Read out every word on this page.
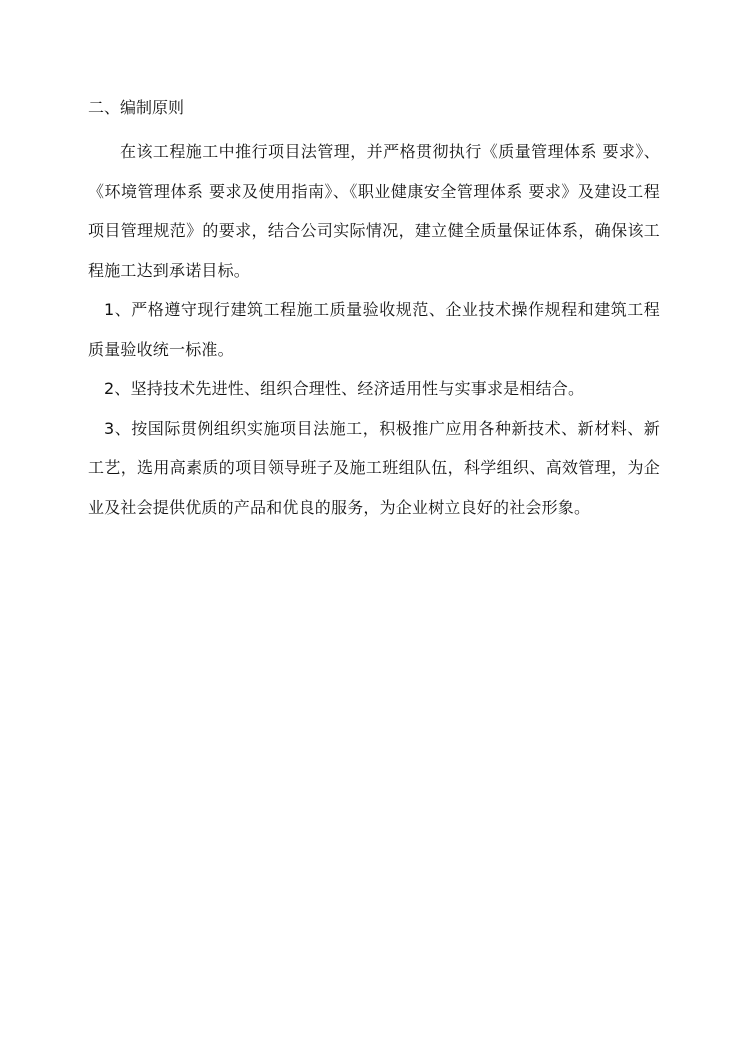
二、编制原则

在该工程施工中推行项目法管理，并严格贯彻执行《质量管理体系 要求》、《环境管理体系 要求及使用指南》、《职业健康安全管理体系 要求》及建设工程项目管理规范》的要求，结合公司实际情况，建立健全质量保证体系，确保该工程施工达到承诺目标。

1、严格遵守现行建筑工程施工质量验收规范、企业技术操作规程和建筑工程质量验收统一标准。

2、坚持技术先进性、组织合理性、经济适用性与实事求是相结合。

3、按国际贯例组织实施项目法施工，积极推广应用各种新技术、新材料、新工艺，选用高素质的项目领导班子及施工班组队伍，科学组织、高效管理，为企业及社会提供优质的产品和优良的服务，为企业树立良好的社会形象。
